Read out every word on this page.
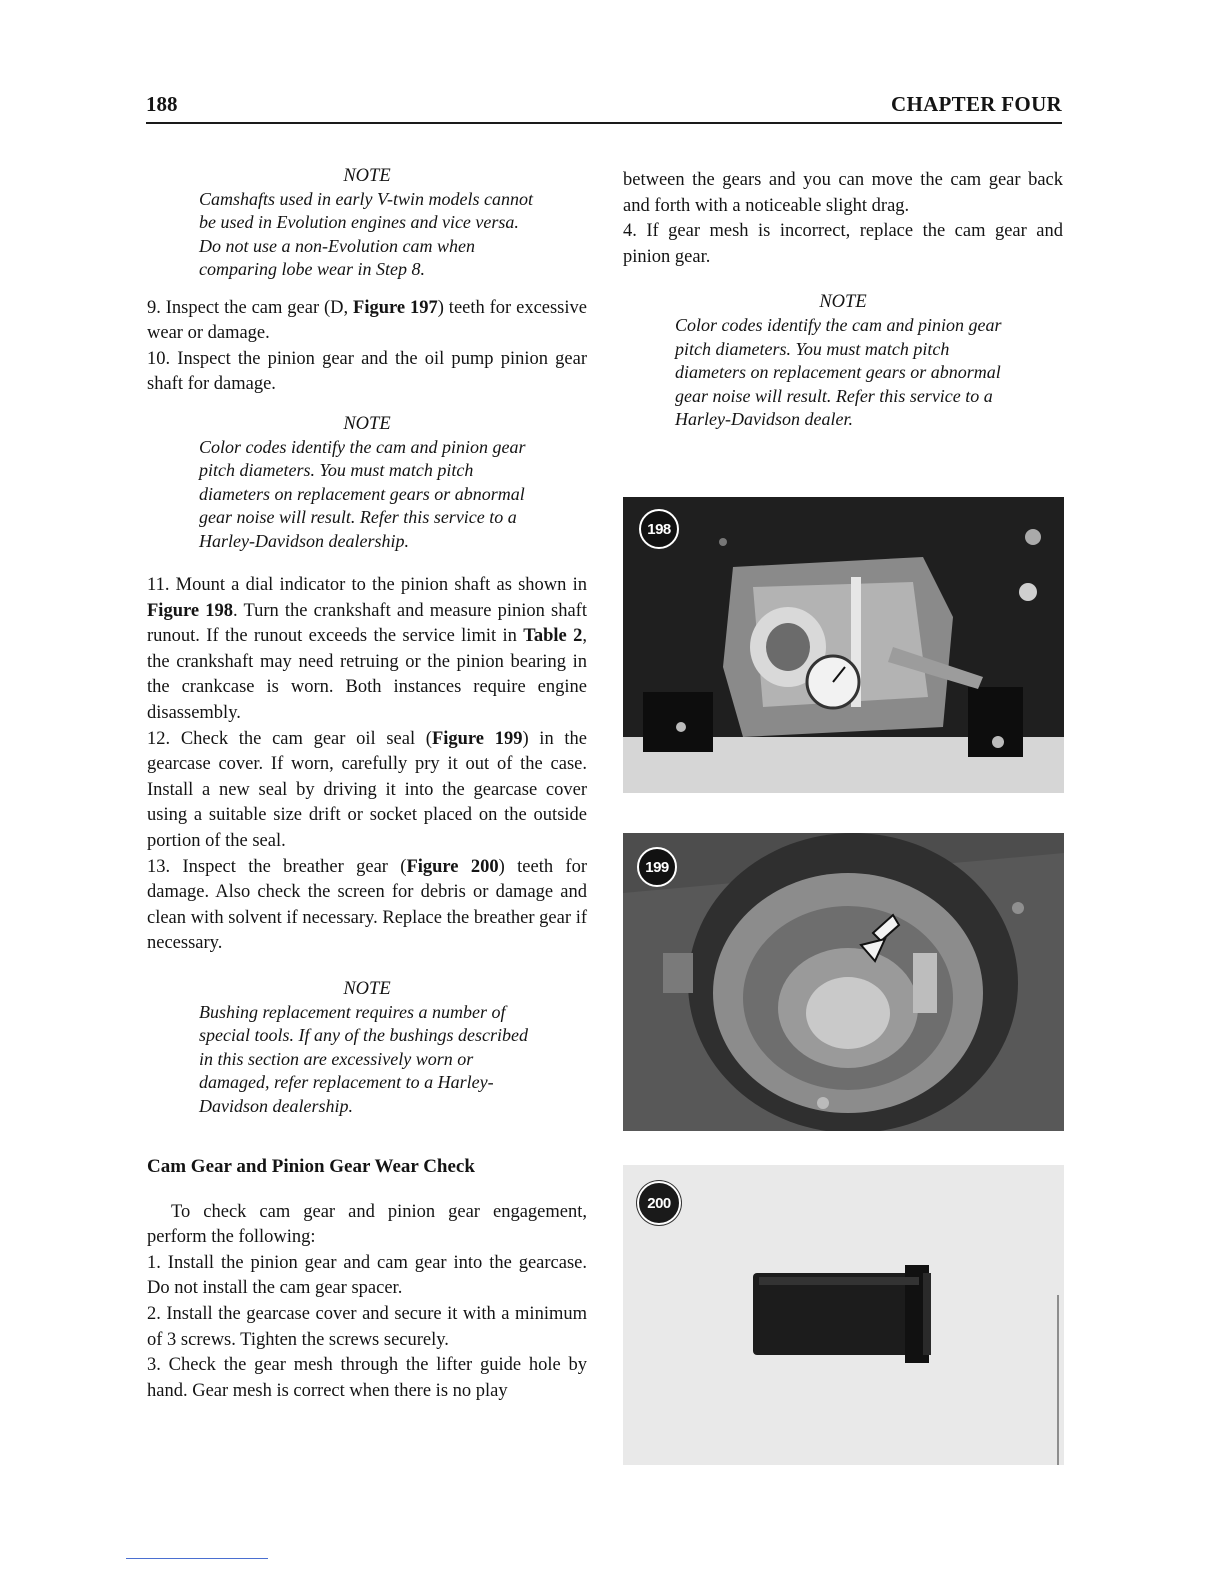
188	CHAPTER FOUR

NOTE

Camshafts used in early V-twin models cannot be used in Evolution engines and vice versa. Do not use a non-Evolution cam when comparing lobe wear in Step 8.

9. Inspect the cam gear (D, Figure 197) teeth for excessive wear or damage.

10. Inspect the pinion gear and the oil pump pinion gear shaft for damage.

NOTE

Color codes identify the cam and pinion gear pitch diameters. You must match pitch diameters on replacement gears or abnormal gear noise will result. Refer this service to a Harley-Davidson dealership.

11. Mount a dial indicator to the pinion shaft as shown in Figure 198. Turn the crankshaft and measure pinion shaft runout. If the runout exceeds the service limit in Table 2, the crankshaft may need retruing or the pinion bearing in the crankcase is worn. Both instances require engine disassembly.

12. Check the cam gear oil seal (Figure 199) in the gearcase cover. If worn, carefully pry it out of the case. Install a new seal by driving it into the gearcase cover using a suitable size drift or socket placed on the outside portion of the seal.

13. Inspect the breather gear (Figure 200) teeth for damage. Also check the screen for debris or damage and clean with solvent if necessary. Replace the breather gear if necessary.

NOTE

Bushing replacement requires a number of special tools. If any of the bushings described in this section are excessively worn or damaged, refer replacement to a Harley-Davidson dealership.

Cam Gear and Pinion Gear Wear Check

To check cam gear and pinion gear engagement, perform the following:

1. Install the pinion gear and cam gear into the gearcase. Do not install the cam gear spacer.

2. Install the gearcase cover and secure it with a minimum of 3 screws. Tighten the screws securely.

3. Check the gear mesh through the lifter guide hole by hand. Gear mesh is correct when there is no play

between the gears and you can move the cam gear back and forth with a noticeable slight drag.

4. If gear mesh is incorrect, replace the cam gear and pinion gear.

NOTE

Color codes identify the cam and pinion gear pitch diameters. You must match pitch diameters on replacement gears or abnormal gear noise will result. Refer this service to a Harley-Davidson dealer.

198
199
200
